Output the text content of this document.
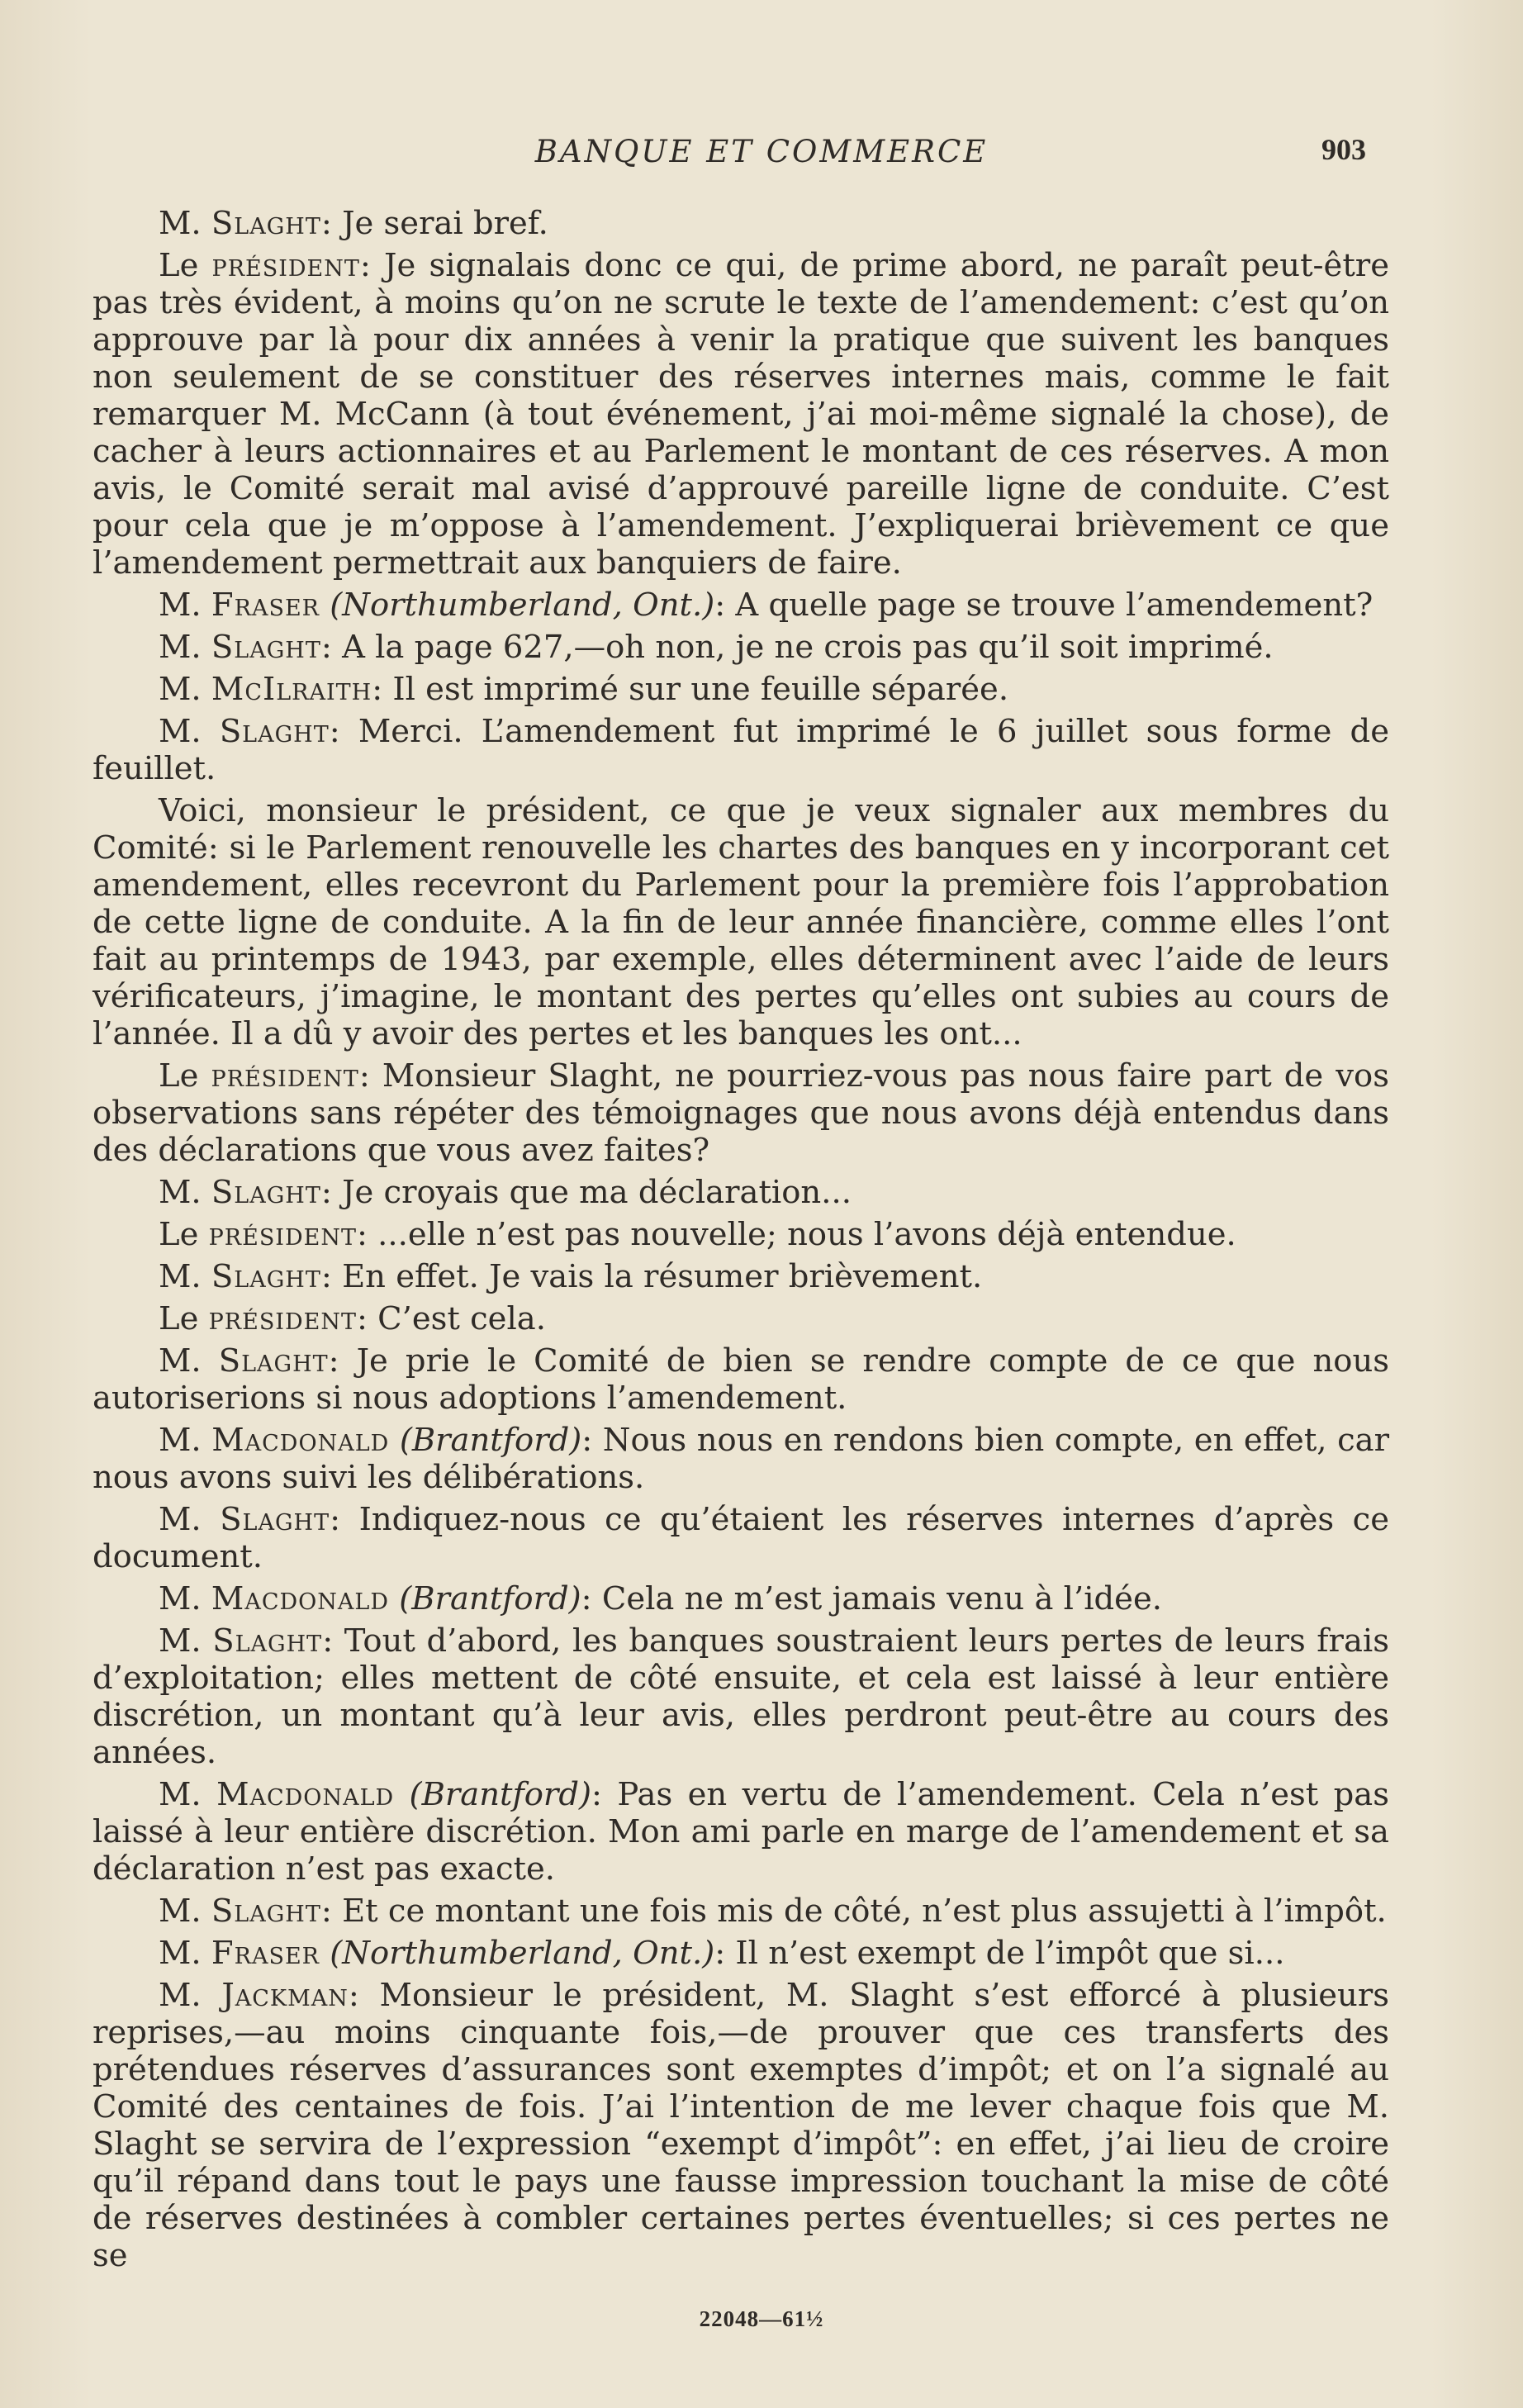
BANQUE ET COMMERCE	903

M. Slaght: Je serai bref.

Le président: Je signalais donc ce qui, de prime abord, ne paraît peut-être pas très évident, à moins qu’on ne scrute le texte de l’amendement: c’est qu’on approuve par là pour dix années à venir la pratique que suivent les banques non seulement de se constituer des réserves internes mais, comme le fait remarquer M. McCann (à tout événement, j’ai moi-même signalé la chose), de cacher à leurs actionnaires et au Parlement le montant de ces réserves. A mon avis, le Comité serait mal avisé d’approuvé pareille ligne de conduite. C’est pour cela que je m’oppose à l’amendement. J’expliquerai brièvement ce que l’amendement permettrait aux banquiers de faire.

M. Fraser (Northumberland, Ont.): A quelle page se trouve l’amendement?

M. Slaght: A la page 627,—oh non, je ne crois pas qu’il soit imprimé.

M. McIlraith: Il est imprimé sur une feuille séparée.

M. Slaght: Merci. L’amendement fut imprimé le 6 juillet sous forme de feuillet.

Voici, monsieur le président, ce que je veux signaler aux membres du Comité: si le Parlement renouvelle les chartes des banques en y incorporant cet amendement, elles recevront du Parlement pour la première fois l’approbation de cette ligne de conduite. A la fin de leur année financière, comme elles l’ont fait au printemps de 1943, par exemple, elles déterminent avec l’aide de leurs vérificateurs, j’imagine, le montant des pertes qu’elles ont subies au cours de l’année. Il a dû y avoir des pertes et les banques les ont...

Le président: Monsieur Slaght, ne pourriez-vous pas nous faire part de vos observations sans répéter des témoignages que nous avons déjà entendus dans des déclarations que vous avez faites?

M. Slaght: Je croyais que ma déclaration...

Le président: ...elle n’est pas nouvelle; nous l’avons déjà entendue.

M. Slaght: En effet. Je vais la résumer brièvement.

Le président: C’est cela.

M. Slaght: Je prie le Comité de bien se rendre compte de ce que nous autoriserions si nous adoptions l’amendement.

M. Macdonald (Brantford): Nous nous en rendons bien compte, en effet, car nous avons suivi les délibérations.

M. Slaght: Indiquez-nous ce qu’étaient les réserves internes d’après ce document.

M. Macdonald (Brantford): Cela ne m’est jamais venu à l’idée.

M. Slaght: Tout d’abord, les banques soustraient leurs pertes de leurs frais d’exploitation; elles mettent de côté ensuite, et cela est laissé à leur entière discrétion, un montant qu’à leur avis, elles perdront peut-être au cours des années.

M. Macdonald (Brantford): Pas en vertu de l’amendement. Cela n’est pas laissé à leur entière discrétion. Mon ami parle en marge de l’amendement et sa déclaration n’est pas exacte.

M. Slaght: Et ce montant une fois mis de côté, n’est plus assujetti à l’impôt.

M. Fraser (Northumberland, Ont.): Il n’est exempt de l’impôt que si...

M. Jackman: Monsieur le président, M. Slaght s’est efforcé à plusieurs reprises,—au moins cinquante fois,—de prouver que ces transferts des prétendues réserves d’assurances sont exemptes d’impôt; et on l’a signalé au Comité des centaines de fois. J’ai l’intention de me lever chaque fois que M. Slaght se servira de l’expression “exempt d’impôt”: en effet, j’ai lieu de croire qu’il répand dans tout le pays une fausse impression touchant la mise de côté de réserves destinées à combler certaines pertes éventuelles; si ces pertes ne se

22048—61½
